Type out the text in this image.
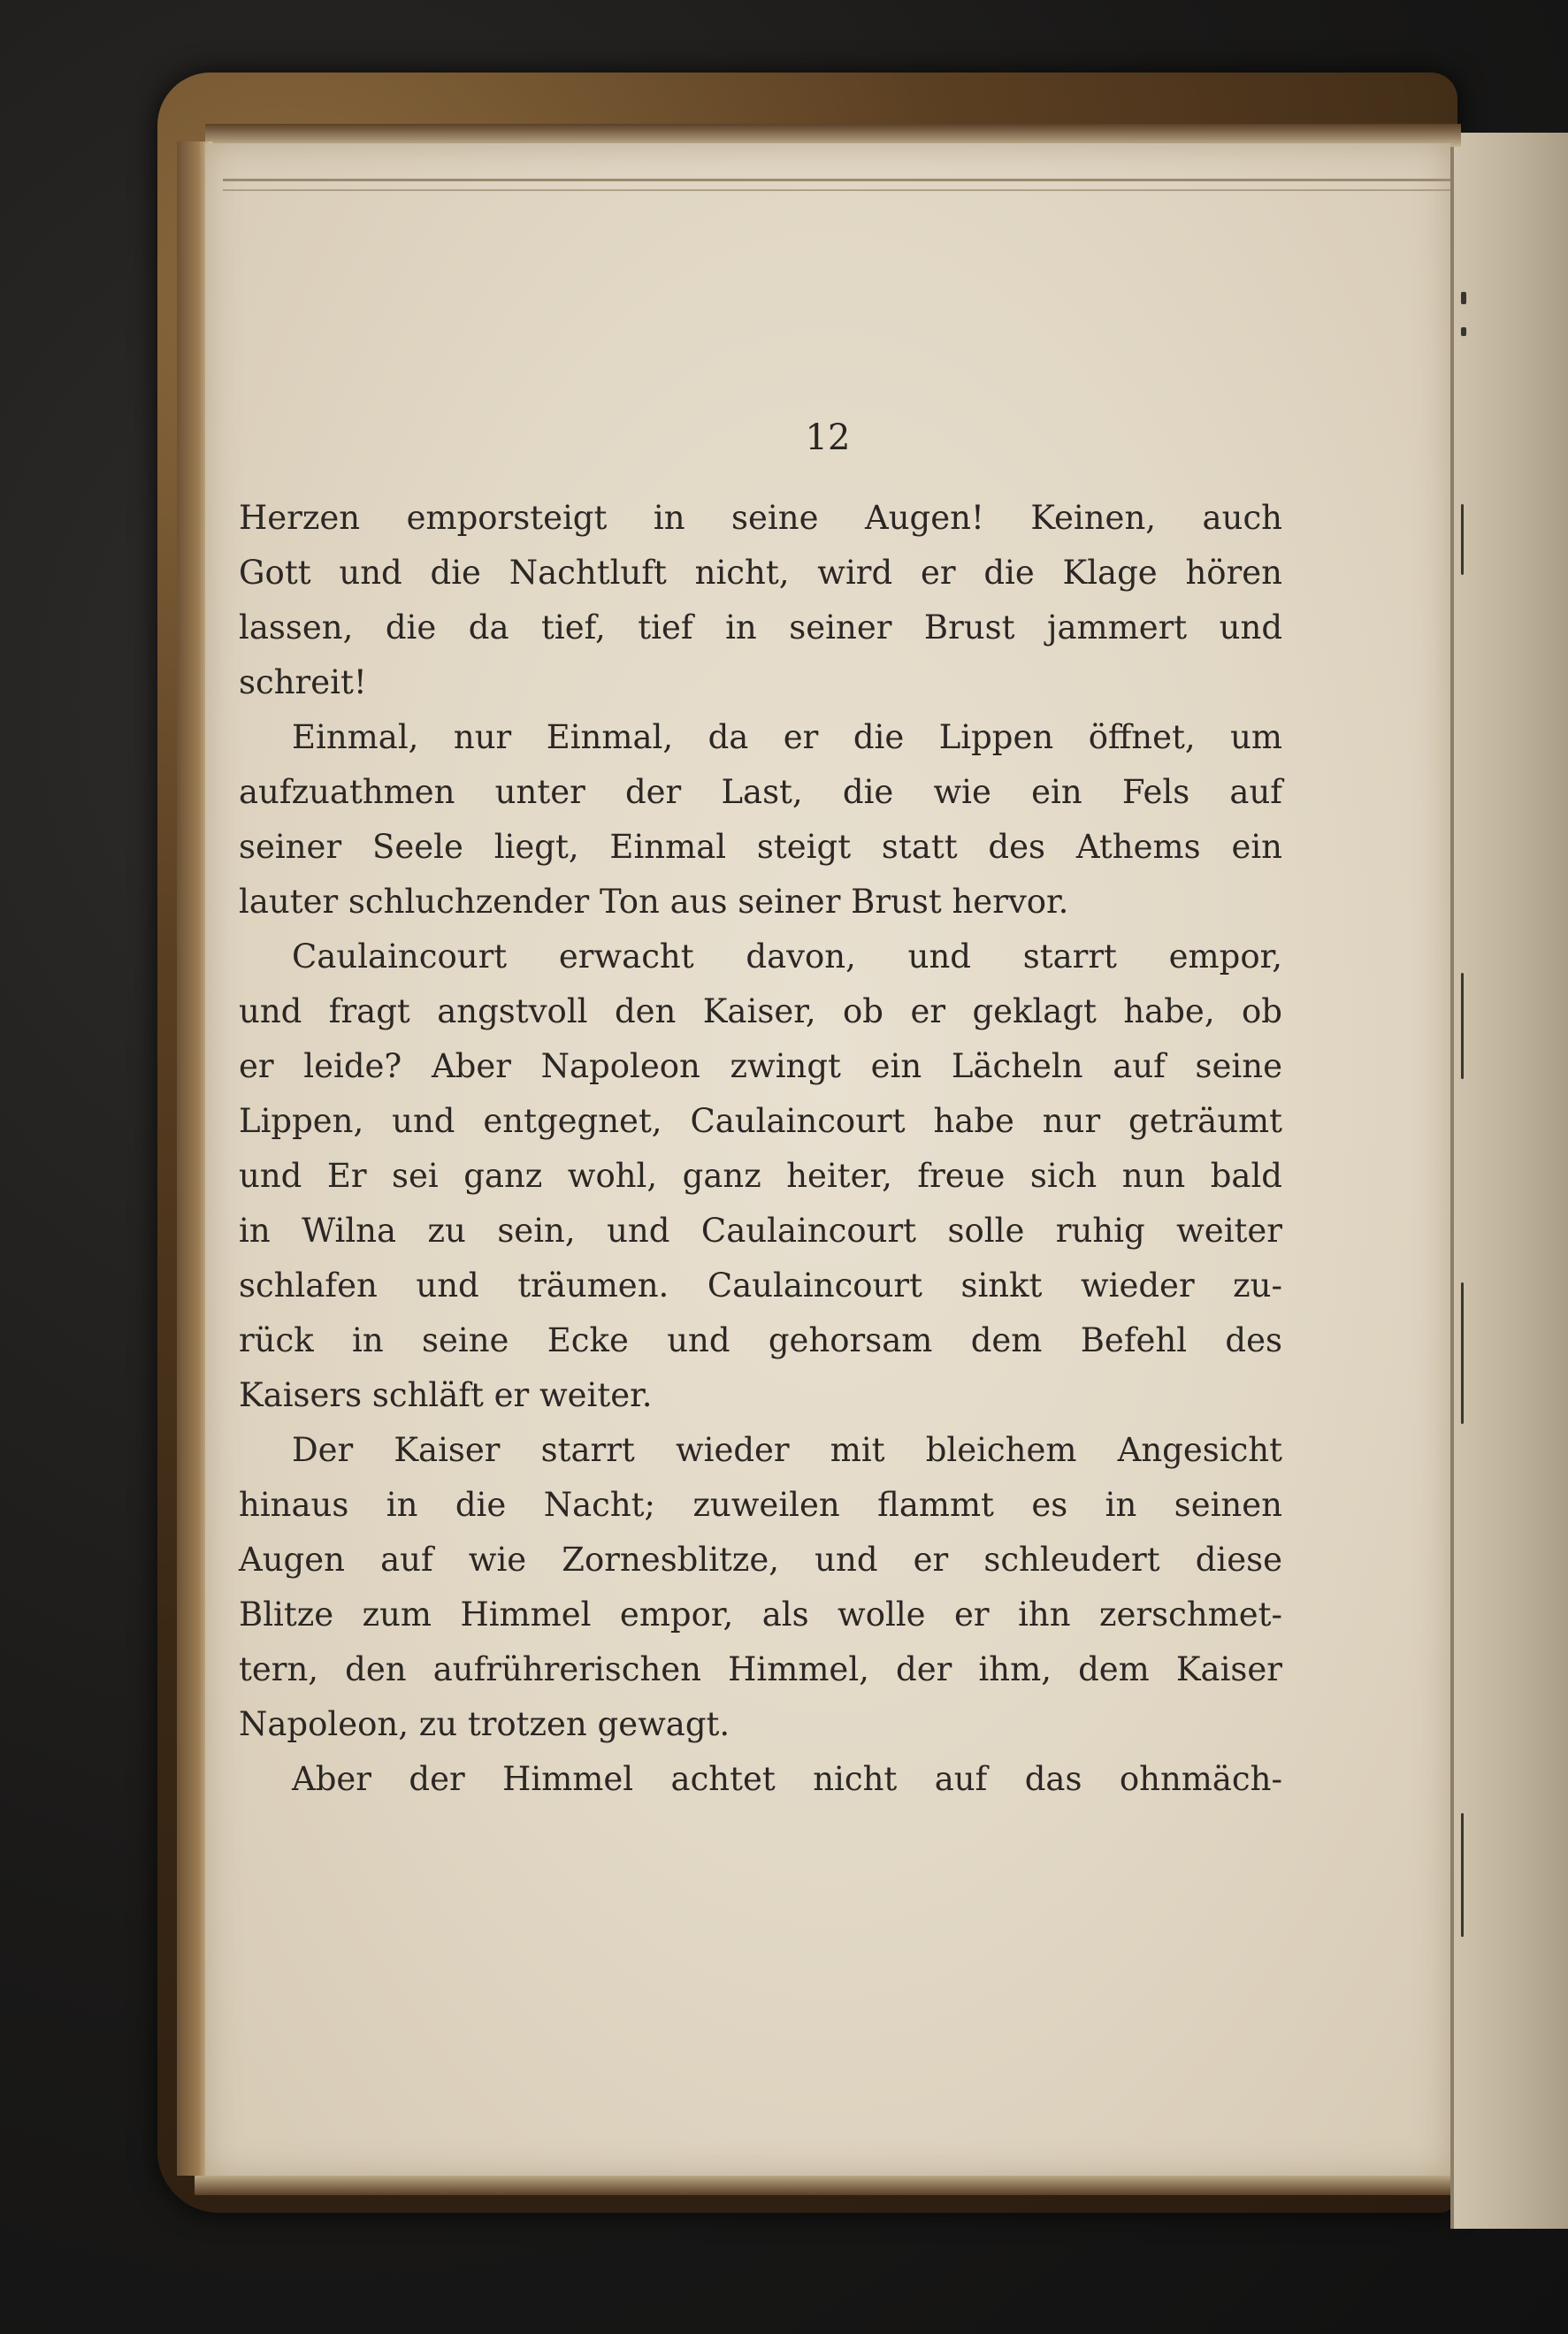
12
Herzen emporsteigt in seine Augen! Keinen, auch
Gott und die Nachtluft nicht, wird er die Klage hören
lassen, die da tief, tief in seiner Brust jammert und
schreit!
Einmal, nur Einmal, da er die Lippen öffnet, um
aufzuathmen unter der Last, die wie ein Fels auf
seiner Seele liegt, Einmal steigt statt des Athems ein
lauter schluchzender Ton aus seiner Brust hervor.
Caulaincourt erwacht davon, und starrt empor,
und fragt angstvoll den Kaiser, ob er geklagt habe, ob
er leide? Aber Napoleon zwingt ein Lächeln auf seine
Lippen, und entgegnet, Caulaincourt habe nur geträumt
und Er sei ganz wohl, ganz heiter, freue sich nun bald
in Wilna zu sein, und Caulaincourt solle ruhig weiter
schlafen und träumen. Caulaincourt sinkt wieder zu-
rück in seine Ecke und gehorsam dem Befehl des
Kaisers schläft er weiter.
Der Kaiser starrt wieder mit bleichem Angesicht
hinaus in die Nacht; zuweilen flammt es in seinen
Augen auf wie Zornesblitze, und er schleudert diese
Blitze zum Himmel empor, als wolle er ihn zerschmet-
tern, den aufrührerischen Himmel, der ihm, dem Kaiser
Napoleon, zu trotzen gewagt.
Aber der Himmel achtet nicht auf das ohnmäch-
